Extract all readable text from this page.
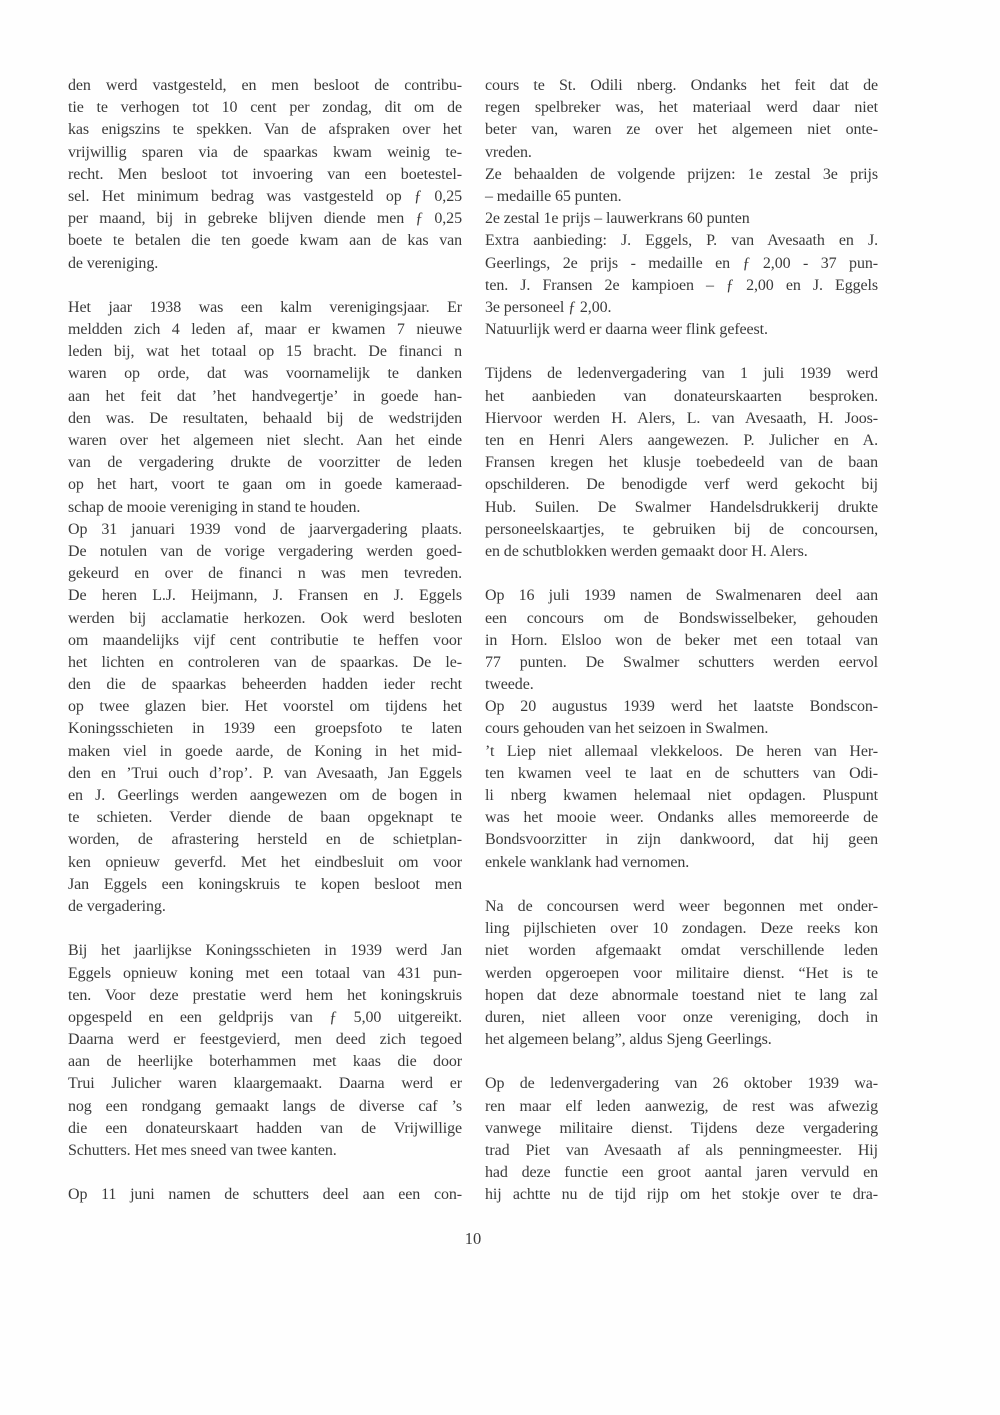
den werd vastgesteld, en men besloot de contribu-
tie te verhogen tot 10 cent per zondag, dit om de
kas enigszins te spekken. Van de afspraken over het
vrijwillig sparen via de spaarkas kwam weinig te-
recht. Men besloot tot invoering van een boetestel-
sel. Het minimum bedrag was vastgesteld op ƒ 0,25
per maand, bij in gebreke blijven diende men ƒ 0,25
boete te betalen die ten goede kwam aan de kas van
de vereniging.
Het jaar 1938 was een kalm verenigingsjaar. Er
meldden zich 4 leden af, maar er kwamen 7 nieuwe
leden bij, wat het totaal op 15 bracht. De financi n
waren op orde, dat was voornamelijk te danken
aan het feit dat ’het handvegertje’ in goede han-
den was. De resultaten, behaald bij de wedstrijden
waren over het algemeen niet slecht. Aan het einde
van de vergadering drukte de voorzitter de leden
op het hart, voort te gaan om in goede kameraad-
schap de mooie vereniging in stand te houden.
Op 31 januari 1939 vond de jaarvergadering plaats.
De notulen van de vorige vergadering werden goed-
gekeurd en over de financi n was men tevreden.
De heren L.J. Heijmann, J. Fransen en J. Eggels
werden bij acclamatie herkozen. Ook werd besloten
om maandelijks vijf cent contributie te heffen voor
het lichten en controleren van de spaarkas. De le-
den die de spaarkas beheerden hadden ieder recht
op twee glazen bier. Het voorstel om tijdens het
Koningsschieten in 1939 een groepsfoto te laten
maken viel in goede aarde, de Koning in het mid-
den en ’Trui ouch d’rop’. P. van Avesaath, Jan Eggels
en J. Geerlings werden aangewezen om de bogen in
te schieten. Verder diende de baan opgeknapt te
worden, de afrastering hersteld en de schietplan-
ken opnieuw geverfd. Met het eindbesluit om voor
Jan Eggels een koningskruis te kopen besloot men
de vergadering.
Bij het jaarlijkse Koningsschieten in 1939 werd Jan
Eggels opnieuw koning met een totaal van 431 pun-
ten. Voor deze prestatie werd hem het koningskruis
opgespeld en een geldprijs van ƒ 5,00 uitgereikt.
Daarna werd er feestgevierd, men deed zich tegoed
aan de heerlijke boterhammen met kaas die door
Trui Julicher waren klaargemaakt. Daarna werd er
nog een rondgang gemaakt langs de diverse caf ’s
die een donateurskaart hadden van de Vrijwillige
Schutters. Het mes sneed van twee kanten.
Op 11 juni namen de schutters deel aan een con-
cours te St. Odili nberg. Ondanks het feit dat de
regen spelbreker was, het materiaal werd daar niet
beter van, waren ze over het algemeen niet onte-
vreden.
Ze behaalden de volgende prijzen: 1e zestal 3e prijs
– medaille 65 punten.
2e zestal 1e prijs – lauwerkrans 60 punten
Extra aanbieding: J. Eggels, P. van Avesaath en J.
Geerlings, 2e prijs - medaille en ƒ 2,00 - 37 pun-
ten. J. Fransen 2e kampioen – ƒ 2,00 en J. Eggels
3e personeel ƒ 2,00.
Natuurlijk werd er daarna weer flink gefeest.
Tijdens de ledenvergadering van 1 juli 1939 werd
het aanbieden van donateurskaarten besproken.
Hiervoor werden H. Alers, L. van Avesaath, H. Joos-
ten en Henri Alers aangewezen. P. Julicher en A.
Fransen kregen het klusje toebedeeld van de baan
opschilderen. De benodigde verf werd gekocht bij
Hub. Suilen. De Swalmer Handelsdrukkerij drukte
personeelskaartjes, te gebruiken bij de concoursen,
en de schutblokken werden gemaakt door H. Alers.
Op 16 juli 1939 namen de Swalmenaren deel aan
een concours om de Bondswisselbeker, gehouden
in Horn. Elsloo won de beker met een totaal van
77 punten. De Swalmer schutters werden eervol
tweede.
Op 20 augustus 1939 werd het laatste Bondscon-
cours gehouden van het seizoen in Swalmen.
’t Liep niet allemaal vlekkeloos. De heren van Her-
ten kwamen veel te laat en de schutters van Odi-
li nberg kwamen helemaal niet opdagen. Pluspunt
was het mooie weer. Ondanks alles memoreerde de
Bondsvoorzitter in zijn dankwoord, dat hij geen
enkele wanklank had vernomen.
Na de concoursen werd weer begonnen met onder-
ling pijlschieten over 10 zondagen. Deze reeks kon
niet worden afgemaakt omdat verschillende leden
werden opgeroepen voor militaire dienst. “Het is te
hopen dat deze abnormale toestand niet te lang zal
duren, niet alleen voor onze vereniging, doch in
het algemeen belang”, aldus Sjeng Geerlings.
Op de ledenvergadering van 26 oktober 1939 wa-
ren maar elf leden aanwezig, de rest was afwezig
vanwege militaire dienst. Tijdens deze vergadering
trad Piet van Avesaath af als penningmeester. Hij
had deze functie een groot aantal jaren vervuld en
hij achtte nu de tijd rijp om het stokje over te dra-
10
